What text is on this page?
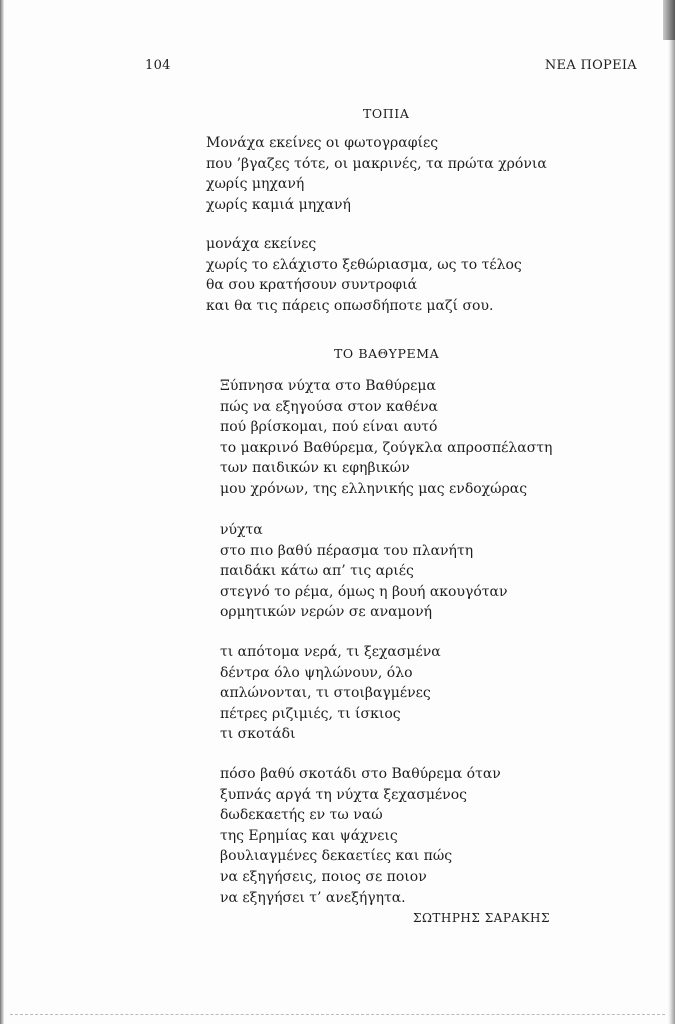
104	ΝΕΑ ΠΟΡΕΙΑ
ΤΟΠΙΑ
Μονάχα εκείνες οι φωτογραφίες
που ’βγαζες τότε, οι μακρινές, τα πρώτα χρόνια
χωρίς μηχανή
χωρίς καμιά μηχανή
μονάχα εκείνες
χωρίς το ελάχιστο ξεθώριασμα, ως το τέλος
θα σου κρατήσουν συντροφιά
και θα τις πάρεις οπωσδήποτε μαζί σου.
ΤΟ ΒΑΘΥΡΕΜΑ
Ξύπνησα νύχτα στο Βαθύρεμα
πώς να εξηγούσα στον καθένα
πού βρίσκομαι, πού είναι αυτό
το μακρινό Βαθύρεμα, ζούγκλα απροσπέλαστη
των παιδικών κι εφηβικών
μου χρόνων, της ελληνικής μας ενδοχώρας
νύχτα
στο πιο βαθύ πέρασμα του πλανήτη
παιδάκι κάτω απ’ τις αριές
στεγνό το ρέμα, όμως η βουή ακουγόταν
ορμητικών νερών σε αναμονή
τι απότομα νερά, τι ξεχασμένα
δέντρα όλο ψηλώνουν, όλο
απλώνονται, τι στοιβαγμένες
πέτρες ριζιμιές, τι ίσκιος
τι σκοτάδι
πόσο βαθύ σκοτάδι στο Βαθύρεμα όταν
ξυπνάς αργά τη νύχτα ξεχασμένος
δωδεκαετής εν τω ναώ
της Ερημίας και ψάχνεις
βουλιαγμένες δεκαετίες και πώς
να εξηγήσεις, ποιος σε ποιον
να εξηγήσει τ’ ανεξήγητα.
ΣΩΤΗΡΗΣ ΣΑΡΑΚΗΣ
